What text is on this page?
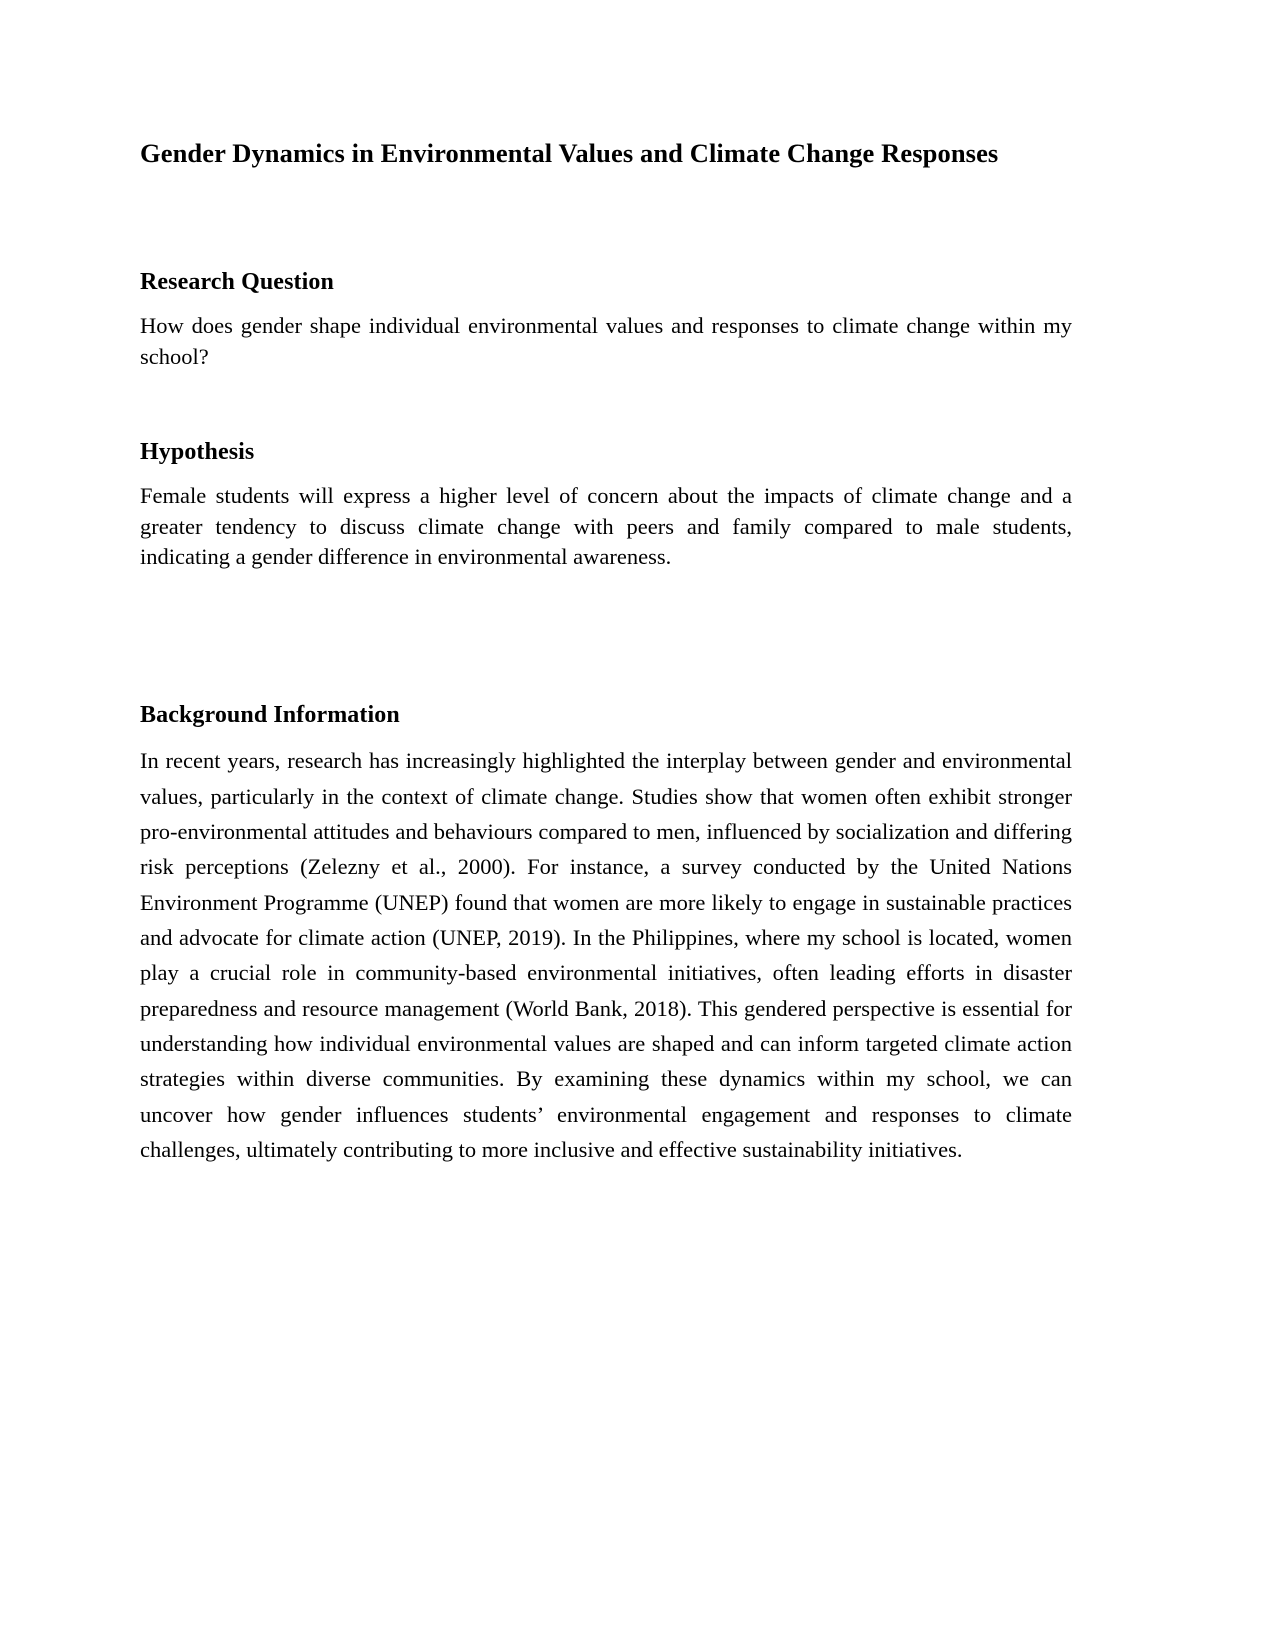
Gender Dynamics in Environmental Values and Climate Change Responses
Research Question

How does gender shape individual environmental values and responses to climate change within my school?

Hypothesis

Female students will express a higher level of concern about the impacts of climate change and a greater tendency to discuss climate change with peers and family compared to male students, indicating a gender difference in environmental awareness.

Background Information

In recent years, research has increasingly highlighted the interplay between gender and environmental values, particularly in the context of climate change. Studies show that women often exhibit stronger pro-environmental attitudes and behaviours compared to men, influenced by socialization and differing risk perceptions (Zelezny et al., 2000). For instance, a survey conducted by the United Nations Environment Programme (UNEP) found that women are more likely to engage in sustainable practices and advocate for climate action (UNEP, 2019). In the Philippines, where my school is located, women play a crucial role in community-based environmental initiatives, often leading efforts in disaster preparedness and resource management (World Bank, 2018). This gendered perspective is essential for understanding how individual environmental values are shaped and can inform targeted climate action strategies within diverse communities. By examining these dynamics within my school, we can uncover how gender influences students’ environmental engagement and responses to climate challenges, ultimately contributing to more inclusive and effective sustainability initiatives.
